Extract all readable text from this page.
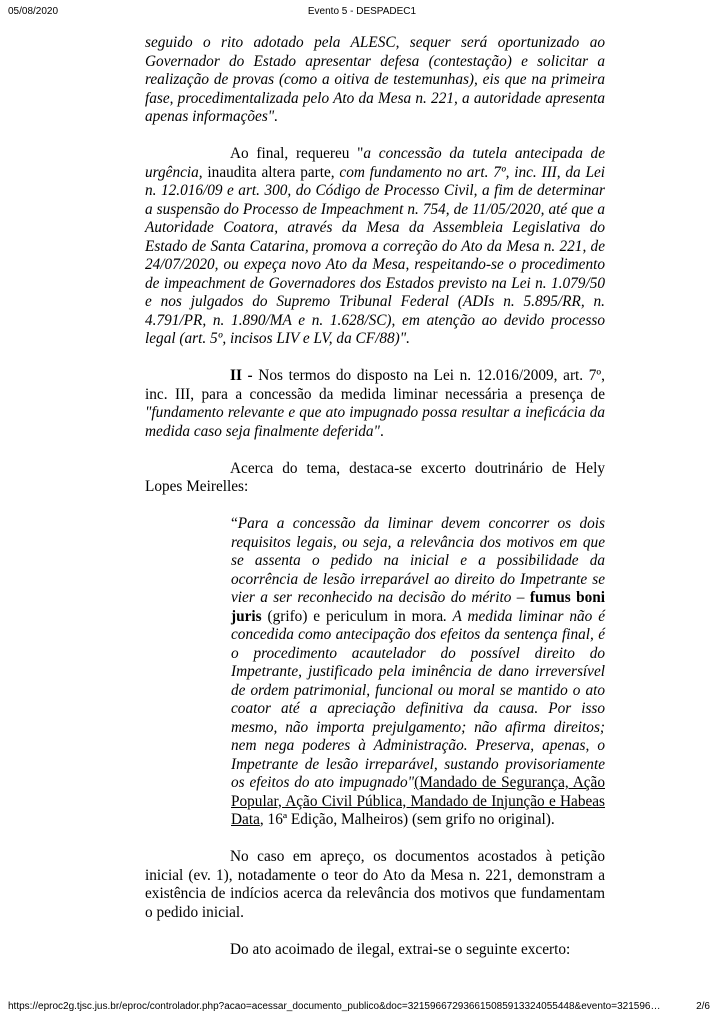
05/08/2020	Evento 5 - DESPADEC1

seguido o rito adotado pela ALESC, sequer será oportunizado ao Governador do Estado apresentar defesa (contestação) e solicitar a realização de provas (como a oitiva de testemunhas), eis que na primeira fase, procedimentalizada pelo Ato da Mesa n. 221, a autoridade apresenta apenas informações".

Ao final, requereu "a concessão da tutela antecipada de urgência, inaudita altera parte, com fundamento no art. 7º, inc. III, da Lei n. 12.016/09 e art. 300, do Código de Processo Civil, a fim de determinar a suspensão do Processo de Impeachment n. 754, de 11/05/2020, até que a Autoridade Coatora, através da Mesa da Assembleia Legislativa do Estado de Santa Catarina, promova a correção do Ato da Mesa n. 221, de 24/07/2020, ou expeça novo Ato da Mesa, respeitando-se o procedimento de impeachment de Governadores dos Estados previsto na Lei n. 1.079/50 e nos julgados do Supremo Tribunal Federal (ADIs n. 5.895/RR, n. 4.791/PR, n. 1.890/MA e n. 1.628/SC), em atenção ao devido processo legal (art. 5º, incisos LIV e LV, da CF/88)".

II - Nos termos do disposto na Lei n. 12.016/2009, art. 7º, inc. III, para a concessão da medida liminar necessária a presença de "fundamento relevante e que ato impugnado possa resultar a ineficácia da medida caso seja finalmente deferida".

Acerca do tema, destaca-se excerto doutrinário de Hely Lopes Meirelles:

“Para a concessão da liminar devem concorrer os dois requisitos legais, ou seja, a relevância dos motivos em que se assenta o pedido na inicial e a possibilidade da ocorrência de lesão irreparável ao direito do Impetrante se vier a ser reconhecido na decisão do mérito – fumus boni juris (grifo) e periculum in mora. A medida liminar não é concedida como antecipação dos efeitos da sentença final, é o procedimento acautelador do possível direito do Impetrante, justificado pela iminência de dano irreversível de ordem patrimonial, funcional ou moral se mantido o ato coator até a apreciação definitiva da causa. Por isso mesmo, não importa prejulgamento; não afirma direitos; nem nega poderes à Administração. Preserva, apenas, o Impetrante de lesão irreparável, sustando provisoriamente os efeitos do ato impugnado"(Mandado de Segurança, Ação Popular, Ação Civil Pública, Mandado de Injunção e Habeas Data, 16ª Edição, Malheiros) (sem grifo no original).

No caso em apreço, os documentos acostados à petição inicial (ev. 1), notadamente o teor do Ato da Mesa n. 221, demonstram a existência de indícios acerca da relevância dos motivos que fundamentam o pedido inicial.

Do ato acoimado de ilegal, extrai-se o seguinte excerto:

https://eproc2g.tjsc.jus.br/eproc/controlador.php?acao=acessar_documento_publico&doc=321596672936615085913324055448&evento=321596…	2/6
